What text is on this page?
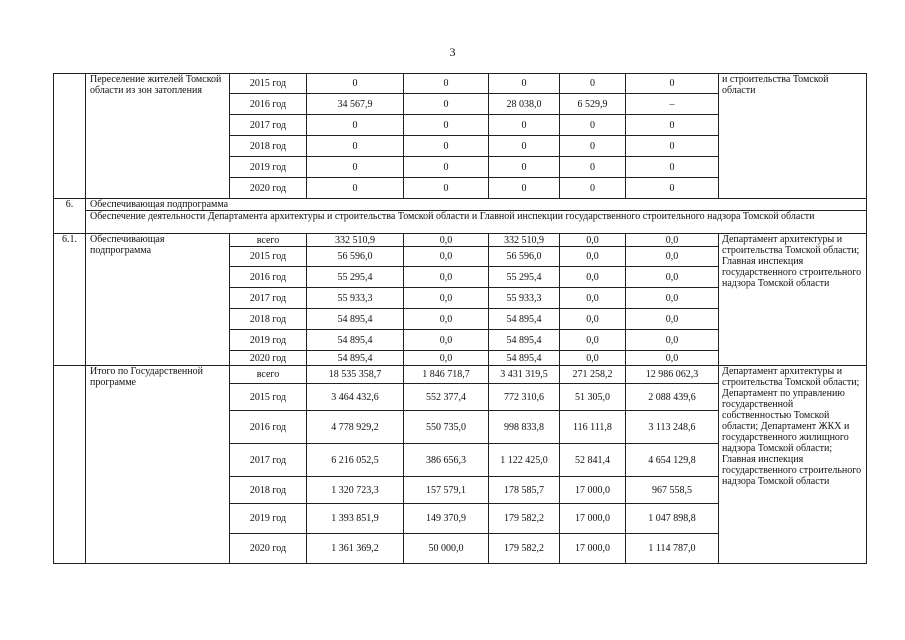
3
	Переселение жителей Томской области из зон затопления	2015 год	0	0	0	0	0	и строительства Томской области
		2016 год	34 567,9	0	28 038,0	6 529,9	–	
		2017 год	0	0	0	0	0	
		2018 год	0	0	0	0	0	
		2019 год	0	0	0	0	0	
		2020 год	0	0	0	0	0	
6.	Обеспечивающая подпрограмма							
	Обеспечение деятельности Департамента архитектуры и строительства Томской области и Главной инспекции государственного строительного надзора Томской области							
6.1.	Обеспечивающая подпрограмма	всего	332 510,9	0,0	332 510,9	0,0	0,0	Департамент архитектуры и строительства Томской области; Главная инспекция государственного строительного надзора Томской области
		2015 год	56 596,0	0,0	56 596,0	0,0	0,0	
		2016 год	55 295,4	0,0	55 295,4	0,0	0,0	
		2017 год	55 933,3	0,0	55 933,3	0,0	0,0	
		2018 год	54 895,4	0,0	54 895,4	0,0	0,0	
		2019 год	54 895,4	0,0	54 895,4	0,0	0,0	
		2020 год	54 895,4	0,0	54 895,4	0,0	0,0	
	Итого по Государственной программе	всего	18 535 358,7	1 846 718,7	3 431 319,5	271 258,2	12 986 062,3	Департамент архитектуры и строительства Томской области; Департамент по управлению государственной собственностью Томской области; Департамент ЖКХ и государственного жилищного надзора Томской области; Главная инспекция государственного строительного надзора Томской области
		2015 год	3 464 432,6	552 377,4	772 310,6	51 305,0	2 088 439,6	
		2016 год	4 778 929,2	550 735,0	998 833,8	116 111,8	3 113 248,6	
		2017 год	6 216 052,5	386 656,3	1 122 425,0	52 841,4	4 654 129,8	
		2018 год	1 320 723,3	157 579,1	178 585,7	17 000,0	967 558,5	
		2019 год	1 393 851,9	149 370,9	179 582,2	17 000,0	1 047 898,8	
		2020 год	1 361 369,2	50 000,0	179 582,2	17 000,0	1 114 787,0	
